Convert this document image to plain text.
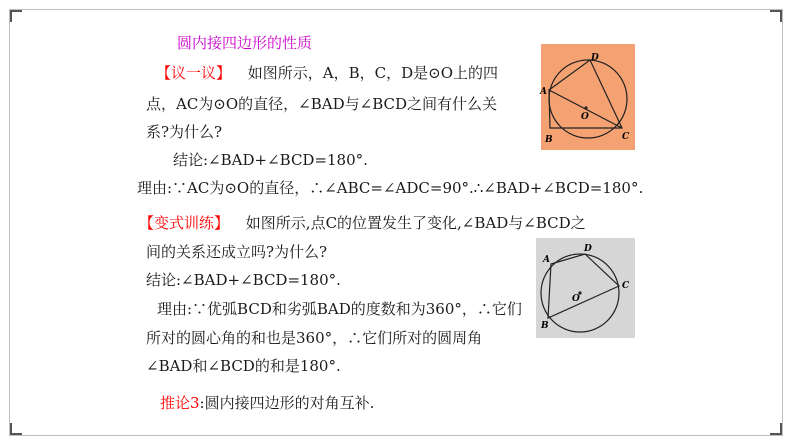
圆内接四边形的性质
【议一议】 如图所示，A，B，C，D是⊙O上的四
点，AC为⊙O的直径，∠BAD与∠BCD之间有什么关
系?为什么?
结论:∠BAD+∠BCD=180°.
理由:∵AC为⊙O的直径，∴∠ABC=∠ADC=90°.∴∠BAD+∠BCD=180°.
A
D
C
B
O
【变式训练】 如图所示,点C的位置发生了变化,∠BAD与∠BCD之
间的关系还成立吗?为什么?
结论:∠BAD+∠BCD=180°.
理由:∵优弧BCD和劣弧BAD的度数和为360°，∴它们
所对的圆心角的和也是360°，∴它们所对的圆周角
∠BAD和∠BCD的和是180°.
A
D
C
B
O
推论3:圆内接四边形的对角互补.
